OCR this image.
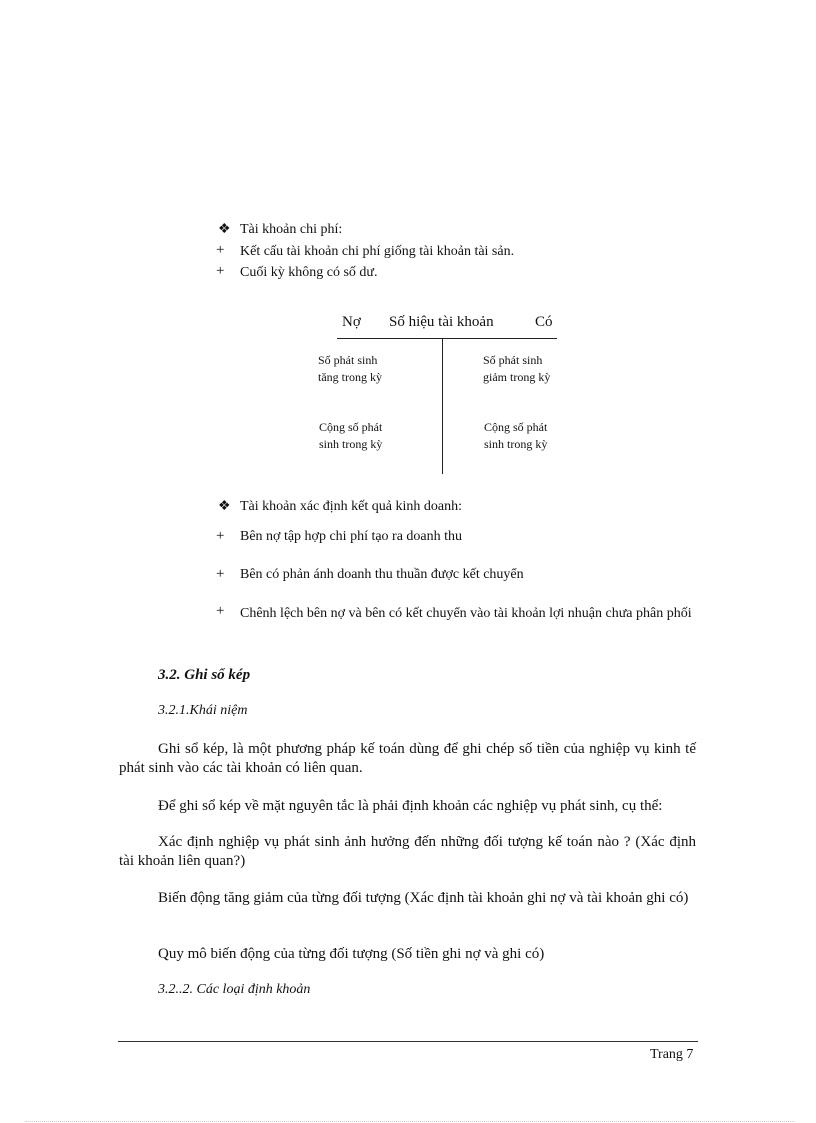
❖ Tài khoản chi phí:
+ Kết cấu tài khoản chi phí giống tài khoản tài sản.
+ Cuối kỳ không có số dư.
Nợ Số hiệu tài khoản	Có
Số phát sinh
tăng trong kỳ
Số phát sinh
giảm trong kỳ
Cộng số phát
sinh trong kỳ
Cộng số phát
sinh trong kỳ
❖ Tài khoản xác định kết quả kinh doanh:
+ Bên nợ tập hợp chi phí tạo ra doanh thu
+ Bên có phản ánh doanh thu thuần được kết chuyển
+ Chênh lệch bên nợ và bên có kết chuyển vào tài khoản lợi nhuận chưa phân phối
3.2. Ghi sổ kép
3.2.1.Khái niệm
Ghi sổ kép, là một phương pháp kế toán dùng để ghi chép số tiền của nghiệp vụ kinh tế phát sinh vào các tài khoản có liên quan.
Để ghi sổ kép về mặt nguyên tắc là phải định khoản các nghiệp vụ phát sinh, cụ thể:
Xác định nghiệp vụ phát sinh ảnh hưởng đến những đối tượng kế toán nào ? (Xác định tài khoản liên quan?)
Biến động tăng giảm của từng đối tượng (Xác định tài khoản ghi nợ và tài khoản ghi có)
Quy mô biến động của từng đối tượng (Số tiền ghi nợ và ghi có)
3.2..2. Các loại định khoản
Trang 7
